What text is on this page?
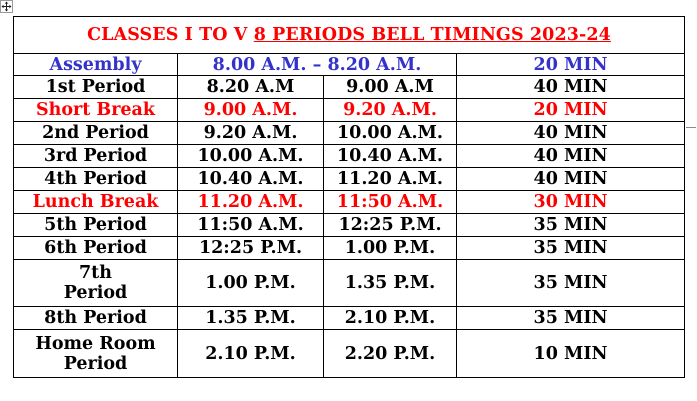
CLASSES I TO V 8 PERIODS BELL TIMINGS 2023-24			
Assembly	8.00 A.M. – 8.20 A.M.		20 MIN
1st Period	8.20 A.M	9.00 A.M	40 MIN
Short Break	9.00 A.M.	9.20 A.M.	20 MIN
2nd Period	9.20 A.M.	10.00 A.M.	40 MIN
3rd Period	10.00 A.M.	10.40 A.M.	40 MIN
4th Period	10.40 A.M.	11.20 A.M.	40 MIN
Lunch Break	11.20 A.M.	11:50 A.M.	30 MIN
5th Period	11:50 A.M.	12:25 P.M.	35 MIN
6th Period	12:25 P.M.	1.00 P.M.	35 MIN
7th
Period	1.00 P.M.	1.35 P.M.	35 MIN
8th Period	1.35 P.M.	2.10 P.M.	35 MIN
Home Room
Period	2.10 P.M.	2.20 P.M.	10 MIN
